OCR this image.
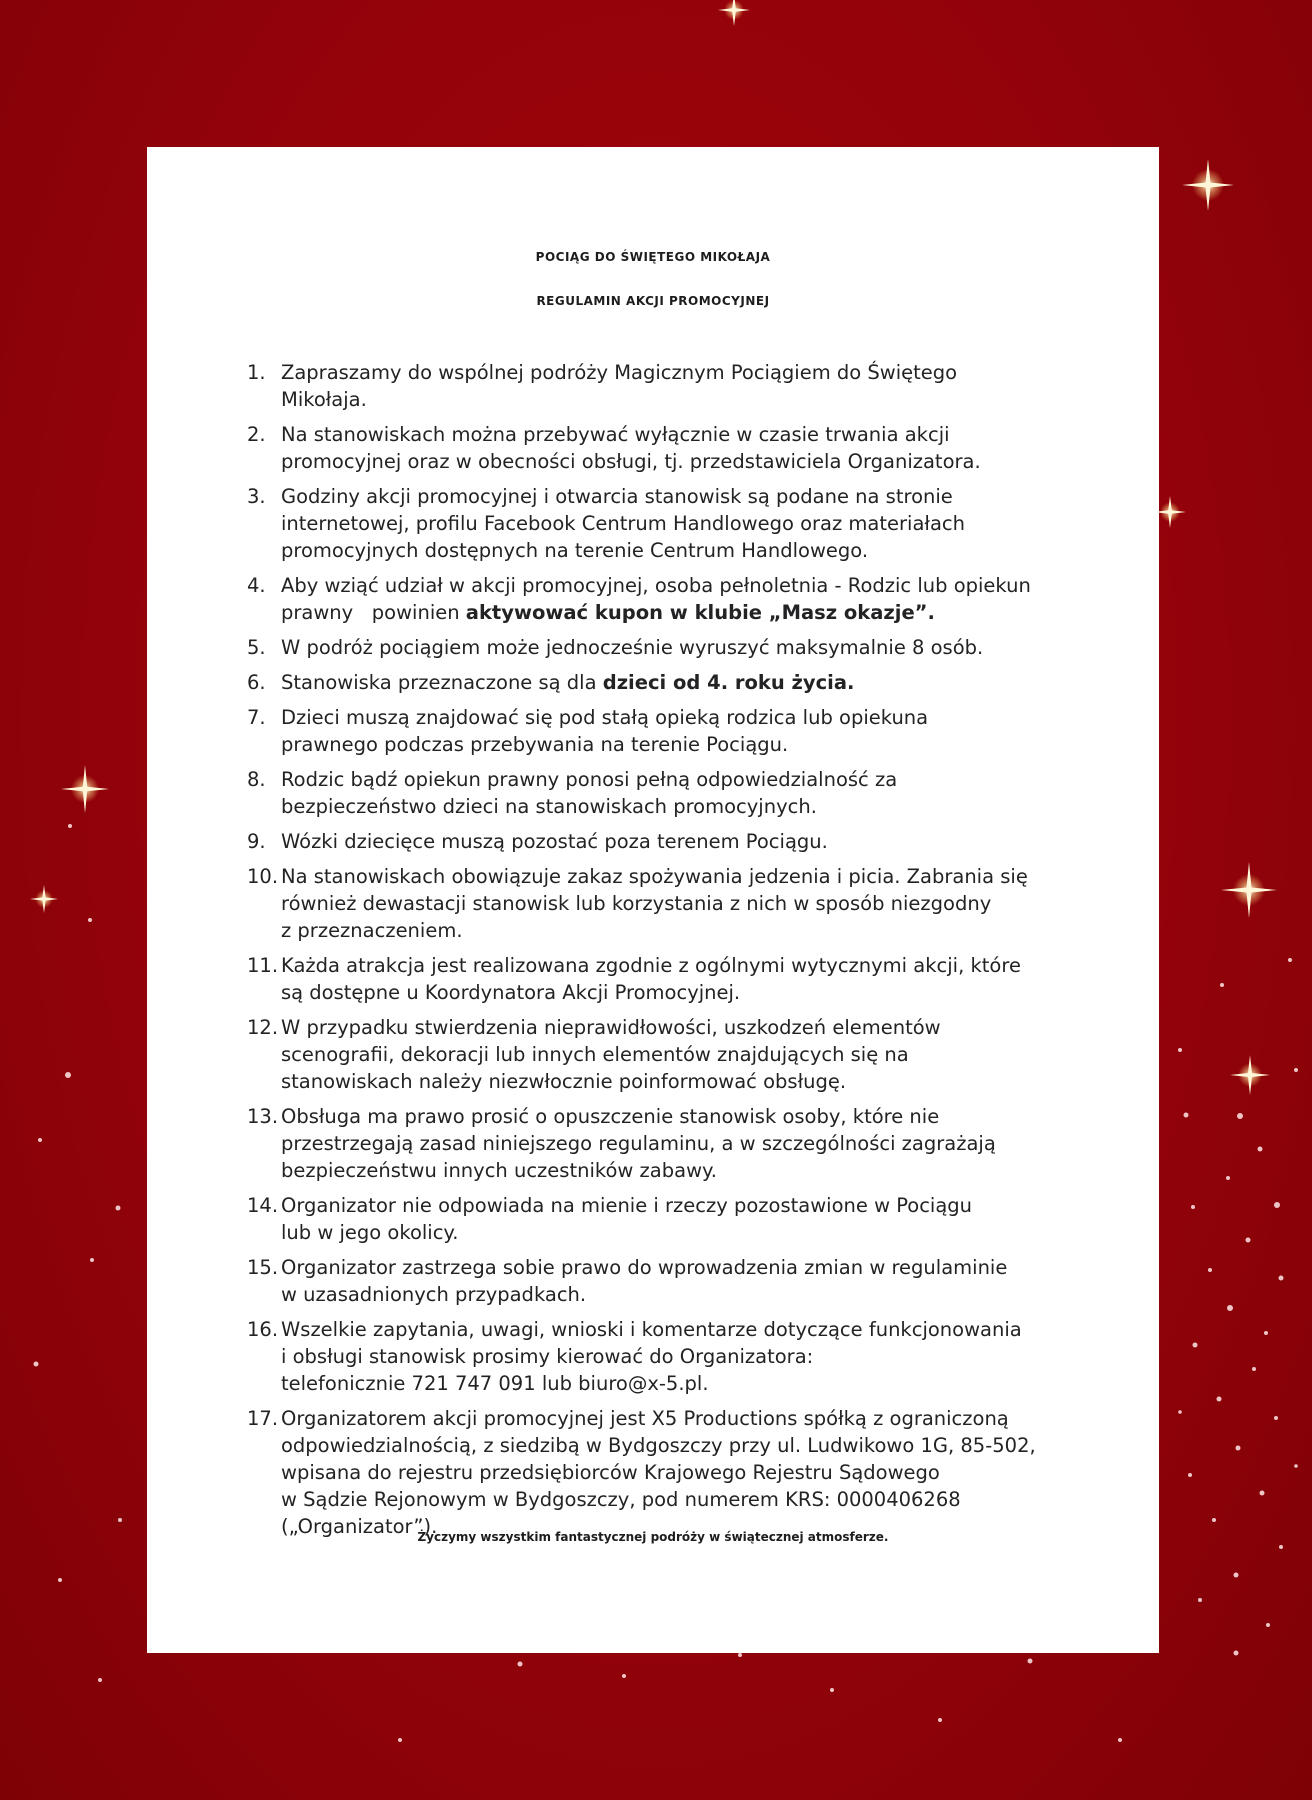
POCIĄG DO ŚWIĘTEGO MIKOŁAJA
REGULAMIN AKCJI PROMOCYJNEJ
1. Zapraszamy do wspólnej podróży Magicznym Pociągiem do Świętego
Mikołaja.
2. Na stanowiskach można przebywać wyłącznie w czasie trwania akcji
promocyjnej oraz w obecności obsługi, tj. przedstawiciela Organizatora.
3. Godziny akcji promocyjnej i otwarcia stanowisk są podane na stronie
internetowej, profilu Facebook Centrum Handlowego oraz materiałach
promocyjnych dostępnych na terenie Centrum Handlowego.
4. Aby wziąć udział w akcji promocyjnej, osoba pełnoletnia - Rodzic lub opiekun
prawny   powinien aktywować kupon w klubie „Masz okazje”.
5. W podróż pociągiem może jednocześnie wyruszyć maksymalnie 8 osób.
6. Stanowiska przeznaczone są dla dzieci od 4. roku życia.
7. Dzieci muszą znajdować się pod stałą opieką rodzica lub opiekuna
prawnego podczas przebywania na terenie Pociągu.
8. Rodzic bądź opiekun prawny ponosi pełną odpowiedzialność za
bezpieczeństwo dzieci na stanowiskach promocyjnych.
9. Wózki dziecięce muszą pozostać poza terenem Pociągu.
10. Na stanowiskach obowiązuje zakaz spożywania jedzenia i picia. Zabrania się
również dewastacji stanowisk lub korzystania z nich w sposób niezgodny
z przeznaczeniem.
11. Każda atrakcja jest realizowana zgodnie z ogólnymi wytycznymi akcji, które
są dostępne u Koordynatora Akcji Promocyjnej.
12. W przypadku stwierdzenia nieprawidłowości, uszkodzeń elementów
scenografii, dekoracji lub innych elementów znajdujących się na
stanowiskach należy niezwłocznie poinformować obsługę.
13. Obsługa ma prawo prosić o opuszczenie stanowisk osoby, które nie
przestrzegają zasad niniejszego regulaminu, a w szczególności zagrażają
bezpieczeństwu innych uczestników zabawy.
14. Organizator nie odpowiada na mienie i rzeczy pozostawione w Pociągu
lub w jego okolicy.
15. Organizator zastrzega sobie prawo do wprowadzenia zmian w regulaminie
w uzasadnionych przypadkach.
16. Wszelkie zapytania, uwagi, wnioski i komentarze dotyczące funkcjonowania
i obsługi stanowisk prosimy kierować do Organizatora:
telefonicznie 721 747 091 lub biuro@x-5.pl.
17. Organizatorem akcji promocyjnej jest X5 Productions spółką z ograniczoną
odpowiedzialnością, z siedzibą w Bydgoszczy przy ul. Ludwikowo 1G, 85-502,
wpisana do rejestru przedsiębiorców Krajowego Rejestru Sądowego
w Sądzie Rejonowym w Bydgoszczy, pod numerem KRS: 0000406268
(„Organizator”).
Życzymy wszystkim fantastycznej podróży w świątecznej atmosferze.
